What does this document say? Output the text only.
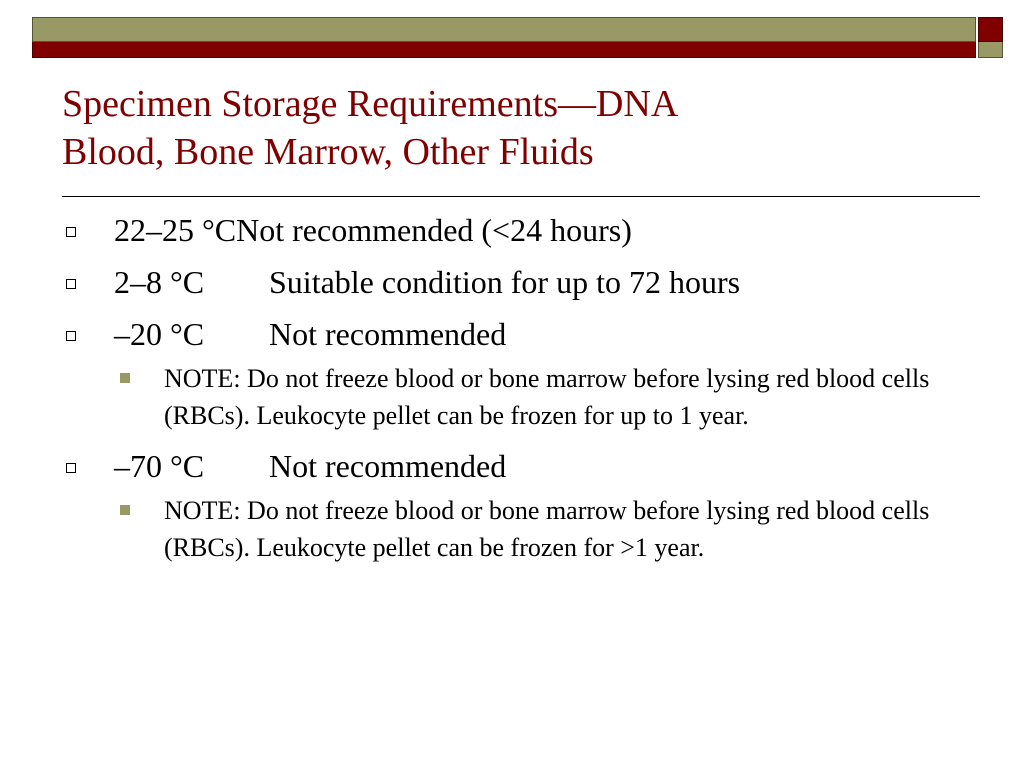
Specimen Storage Requirements—DNA
Blood, Bone Marrow, Other Fluids
22–25 °CNot recommended (<24 hours)
2–8 °C Suitable condition for up to 72 hours
–20 °C Not recommended
NOTE: Do not freeze blood or bone marrow before lysing red blood cells (RBCs). Leukocyte pellet can be frozen for up to 1 year.
–70 °C Not recommended
NOTE: Do not freeze blood or bone marrow before lysing red blood cells (RBCs). Leukocyte pellet can be frozen for >1 year.
